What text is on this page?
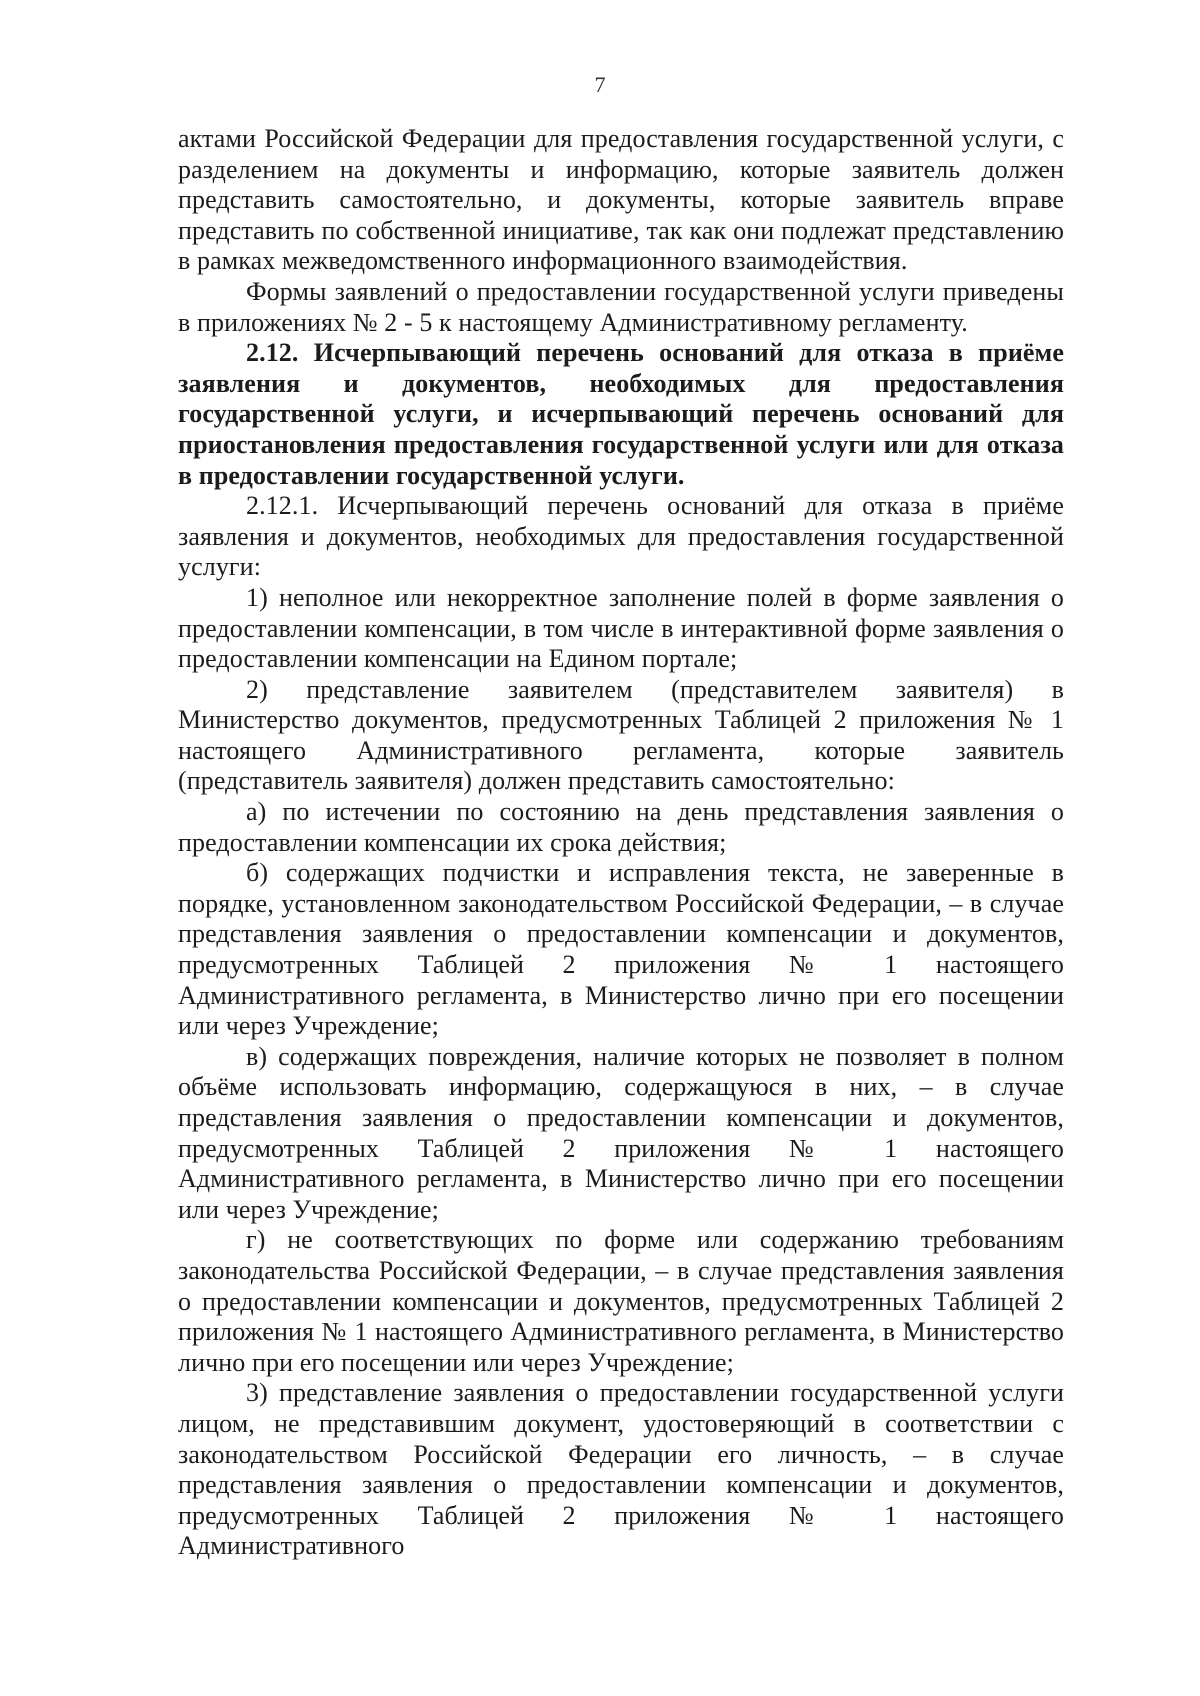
7

актами Российской Федерации для предоставления государственной услуги, с разделением на документы и информацию, которые заявитель должен представить самостоятельно, и документы, которые заявитель вправе представить по собственной инициативе, так как они подлежат представлению в рамках межведомственного информационного взаимодействия.

Формы заявлений о предоставлении государственной услуги приведены в приложениях № 2 - 5 к настоящему Административному регламенту.

2.12. Исчерпывающий перечень оснований для отказа в приёме заявления и документов, необходимых для предоставления государственной услуги, и исчерпывающий перечень оснований для приостановления предоставления государственной услуги или для отказа в предоставлении государственной услуги.

2.12.1. Исчерпывающий перечень оснований для отказа в приёме заявления и документов, необходимых для предоставления государственной услуги:

1) неполное или некорректное заполнение полей в форме заявления о предоставлении компенсации, в том числе в интерактивной форме заявления о предоставлении компенсации на Едином портале;

2) представление заявителем (представителем заявителя) в Министерство документов, предусмотренных Таблицей 2 приложения № 1 настоящего Административного регламента, которые заявитель (представитель заявителя) должен представить самостоятельно:

а) по истечении по состоянию на день представления заявления о предоставлении компенсации их срока действия;

б) содержащих подчистки и исправления текста, не заверенные в порядке, установленном законодательством Российской Федерации, – в случае представления заявления о предоставлении компенсации и документов, предусмотренных Таблицей 2 приложения № 1 настоящего Административного регламента, в Министерство лично при его посещении или через Учреждение;

в) содержащих повреждения, наличие которых не позволяет в полном объёме использовать информацию, содержащуюся в них, – в случае представления заявления о предоставлении компенсации и документов, предусмотренных Таблицей 2 приложения № 1 настоящего Административного регламента, в Министерство лично при его посещении или через Учреждение;

г) не соответствующих по форме или содержанию требованиям законодательства Российской Федерации, – в случае представления заявления о предоставлении компенсации и документов, предусмотренных Таблицей 2 приложения № 1 настоящего Административного регламента, в Министерство лично при его посещении или через Учреждение;

3) представление заявления о предоставлении государственной услуги лицом, не представившим документ, удостоверяющий в соответствии с законодательством Российской Федерации его личность, – в случае представления заявления о предоставлении компенсации и документов, предусмотренных Таблицей 2 приложения № 1 настоящего Административного
